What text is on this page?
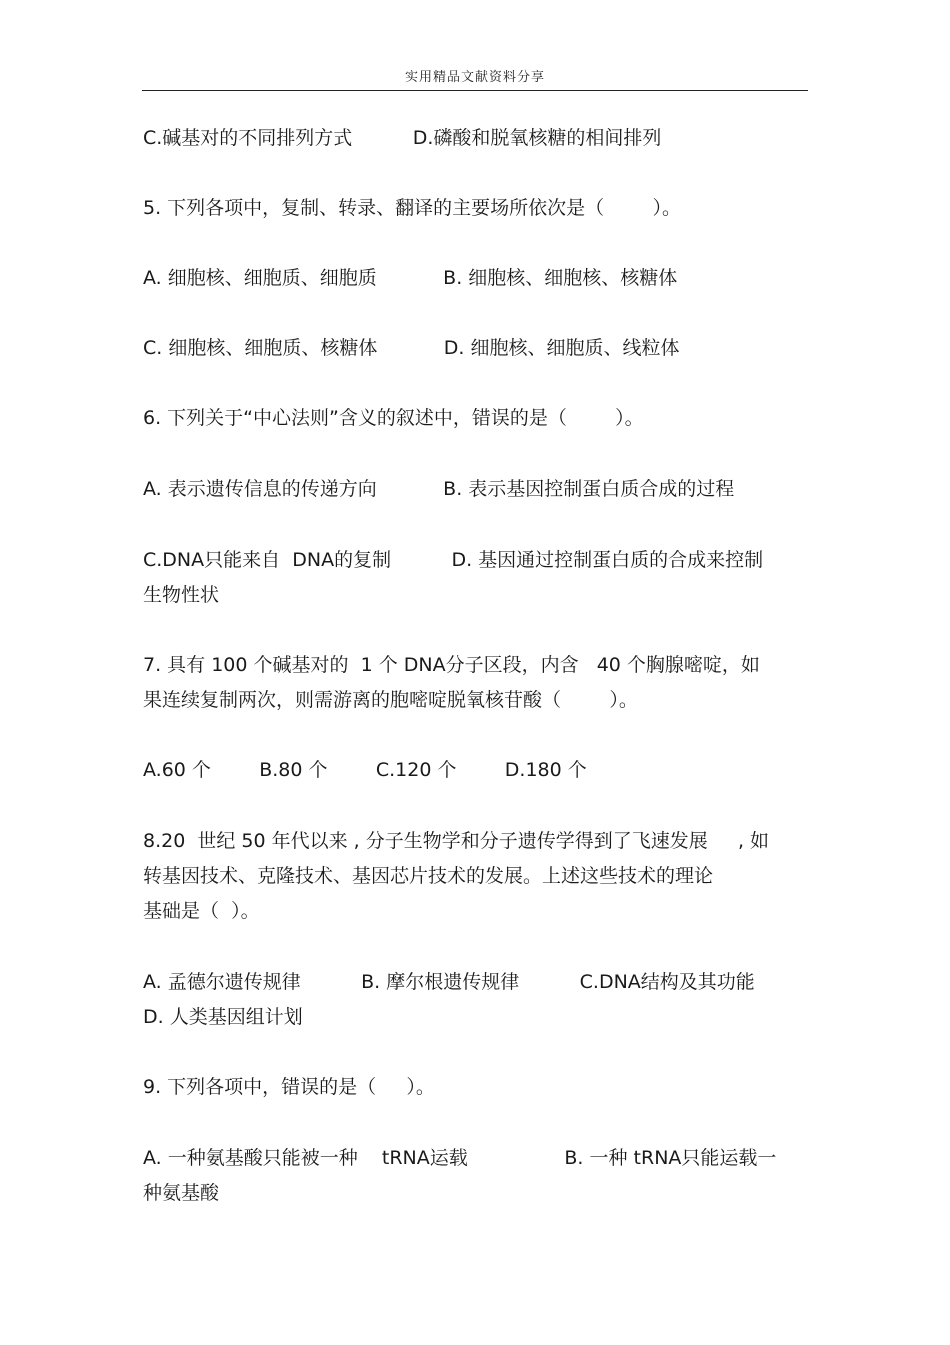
实用精品文献资料分享
C.碱基对的不同排列方式          D.磷酸和脱氧核糖的相间排列
5. 下列各项中，复制、转录、翻译的主要场所依次是（        ）。
A. 细胞核、细胞质、细胞质           B. 细胞核、细胞核、核糖体
C. 细胞核、细胞质、核糖体           D. 细胞核、细胞质、线粒体
6. 下列关于“中心法则”含义的叙述中，错误的是（        ）。
A. 表示遗传信息的传递方向           B. 表示基因控制蛋白质合成的过程
C.DNA只能来自  DNA的复制          D. 基因通过控制蛋白质的合成来控制
生物性状
7. 具有 100 个碱基对的  1 个 DNA分子区段，内含   40 个胸腺嘧啶，如
果连续复制两次，则需游离的胞嘧啶脱氧核苷酸（        ）。
A.60 个        B.80 个        C.120 个        D.180 个
8.20  世纪 50 年代以来 , 分子生物学和分子遗传学得到了飞速发展     , 如
转基因技术、克隆技术、基因芯片技术的发展。上述这些技术的理论
基础是（  ）。
A. 孟德尔遗传规律          B. 摩尔根遗传规律          C.DNA结构及其功能
D. 人类基因组计划
9. 下列各项中，错误的是（     ）。
A. 一种氨基酸只能被一种    tRNA运载                B. 一种 tRNA只能运载一
种氨基酸
